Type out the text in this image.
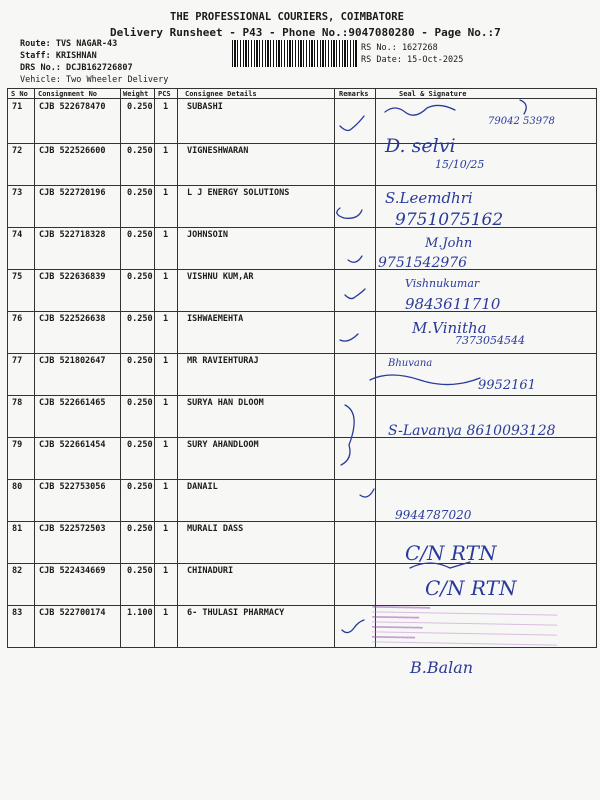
THE PROFESSIONAL COURIERS, COIMBATORE
Delivery Runsheet - P43 - Phone No.:9047080280 - Page No.:7
Route: TVS NAGAR-43
Staff: KRISHNAN
DRS No.: DCJB162726807
Vehicle: Two Wheeler Delivery
RS No.: 1627268
RS Date: 15-Oct-2025
S No Consignment No	Weight PCS Consignee Details	Remarks	Seal & Signature
71 CJB 522678470	0.250 1 SUBASHI
72 CJB 522526600	0.250 1 VIGNESHWARAN
73 CJB 522720196	0.250 1 L J ENERGY SOLUTIONS
74 CJB 522718328	0.250 1 JOHNSOIN
75 CJB 522636839	0.250 1 VISHNU KUM,AR
76 CJB 522526638	0.250 1 ISHWAEMEHTA
77 CJB 521802647	0.250 1 MR RAVIEHTURAJ
78 CJB 522661465	0.250 1 SURYA HAN DLOOM
79 CJB 522661454	0.250 1 SURY AHANDLOOM
80 CJB 522753056	0.250 1 DANAIL
81 CJB 522572503	0.250 1 MURALI DASS
82 CJB 522434669	0.250 1 CHINADURI
83 CJB 522700174	1.100 1 6- THULASI PHARMACY
▬▬▬▬▬▬▬▬▬▬▬▬▬▬▬▬
▬▬▬▬▬▬▬▬▬▬▬▬▬
▬▬▬▬▬▬▬▬▬▬▬▬▬▬
▬▬▬▬▬▬▬▬▬▬▬▬
79042 53978
D. selvi
15/10/25
S.Leemdhri
9751075162
M.John
9751542976
Vishnukumar
9843611710
M.Vinitha
7373054544
Bhuvana
9952161
S-Lavanya 8610093128
9944787020
C/N RTN
C/N RTN
B.Balan
